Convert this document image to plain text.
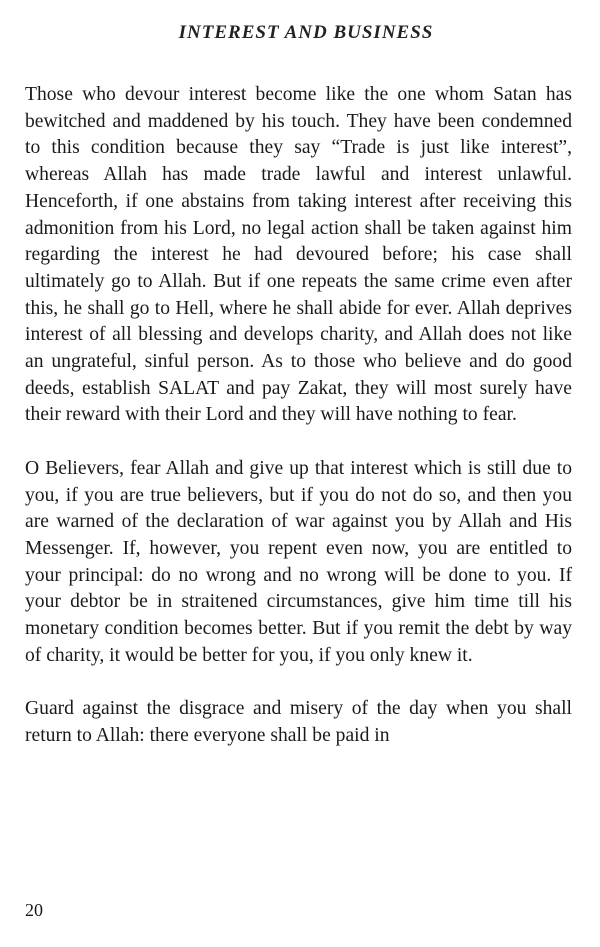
INTEREST AND BUSINESS

Those who devour interest become like the one whom Satan has bewitched and maddened by his touch. They have been condemned to this condition because they say “Trade is just like interest”, whereas Allah has made trade lawful and interest unlawful. Henceforth, if one abstains from taking interest after receiving this admonition from his Lord, no legal action shall be taken against him regarding the interest he had devoured before; his case shall ultimately go to Allah. But if one repeats the same crime even after this, he shall go to Hell, where he shall abide for ever. Allah deprives interest of all blessing and develops charity, and Allah does not like an ungrateful, sinful person. As to those who believe and do good deeds, establish SALAT and pay Zakat, they will most surely have their reward with their Lord and they will have nothing to fear.

O Believers, fear Allah and give up that interest which is still due to you, if you are true believers, but if you do not do so, and then you are warned of the declaration of war against you by Allah and His Messenger. If, however, you repent even now, you are entitled to your principal: do no wrong and no wrong will be done to you. If your debtor be in straitened circumstances, give him time till his monetary condition becomes better. But if you remit the debt by way of charity, it would be better for you, if you only knew it.

Guard against the disgrace and misery of the day when you shall return to Allah: there everyone shall be paid in

20
